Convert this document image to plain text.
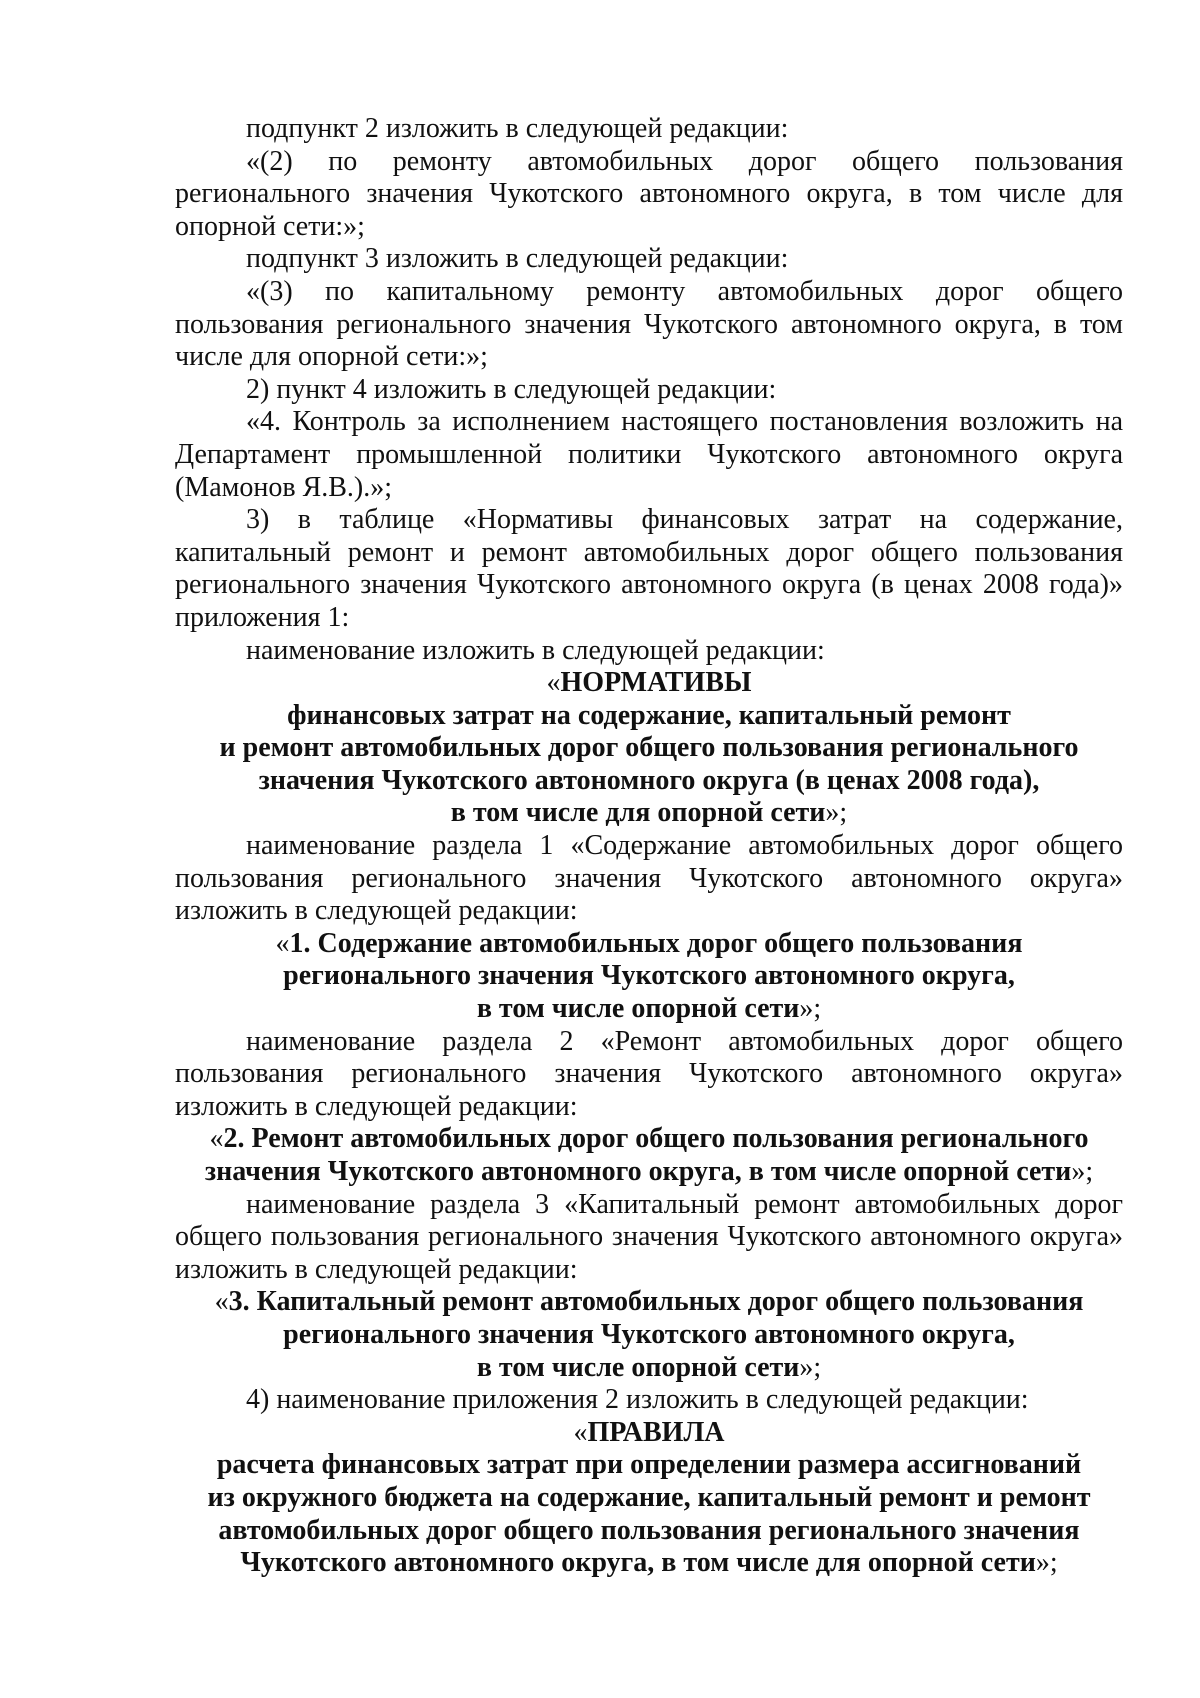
подпункт 2 изложить в следующей редакции:

«(2) по ремонту автомобильных дорог общего пользования регионального значения Чукотского автономного округа, в том числе для опорной сети:»;

подпункт 3 изложить в следующей редакции:

«(3) по капитальному ремонту автомобильных дорог общего пользования регионального значения Чукотского автономного округа, в том числе для опорной сети:»;

2) пункт 4 изложить в следующей редакции:

«4. Контроль за исполнением настоящего постановления возложить на Департамент промышленной политики Чукотского автономного округа (Мамонов Я.В.).»;

3) в таблице «Нормативы финансовых затрат на содержание, капитальный ремонт и ремонт автомобильных дорог общего пользования регионального значения Чукотского автономного округа (в ценах 2008 года)» приложения 1:

наименование изложить в следующей редакции:

«НОРМАТИВЫ
финансовых затрат на содержание, капитальный ремонт
и ремонт автомобильных дорог общего пользования регионального
значения Чукотского автономного округа (в ценах 2008 года),
в том числе для опорной сети»;

наименование раздела 1 «Содержание автомобильных дорог общего пользования регионального значения Чукотского автономного округа» изложить в следующей редакции:

«1. Содержание автомобильных дорог общего пользования
регионального значения Чукотского автономного округа,
в том числе опорной сети»;

наименование раздела 2 «Ремонт автомобильных дорог общего пользования регионального значения Чукотского автономного округа» изложить в следующей редакции:

«2. Ремонт автомобильных дорог общего пользования регионального
значения Чукотского автономного округа, в том числе опорной сети»;

наименование раздела 3 «Капитальный ремонт автомобильных дорог общего пользования регионального значения Чукотского автономного округа» изложить в следующей редакции:

«3. Капитальный ремонт автомобильных дорог общего пользования
регионального значения Чукотского автономного округа,
в том числе опорной сети»;

4) наименование приложения 2 изложить в следующей редакции:

«ПРАВИЛА
расчета финансовых затрат при определении размера ассигнований
из окружного бюджета на содержание, капитальный ремонт и ремонт
автомобильных дорог общего пользования регионального значения
Чукотского автономного округа, в том числе для опорной сети»;
